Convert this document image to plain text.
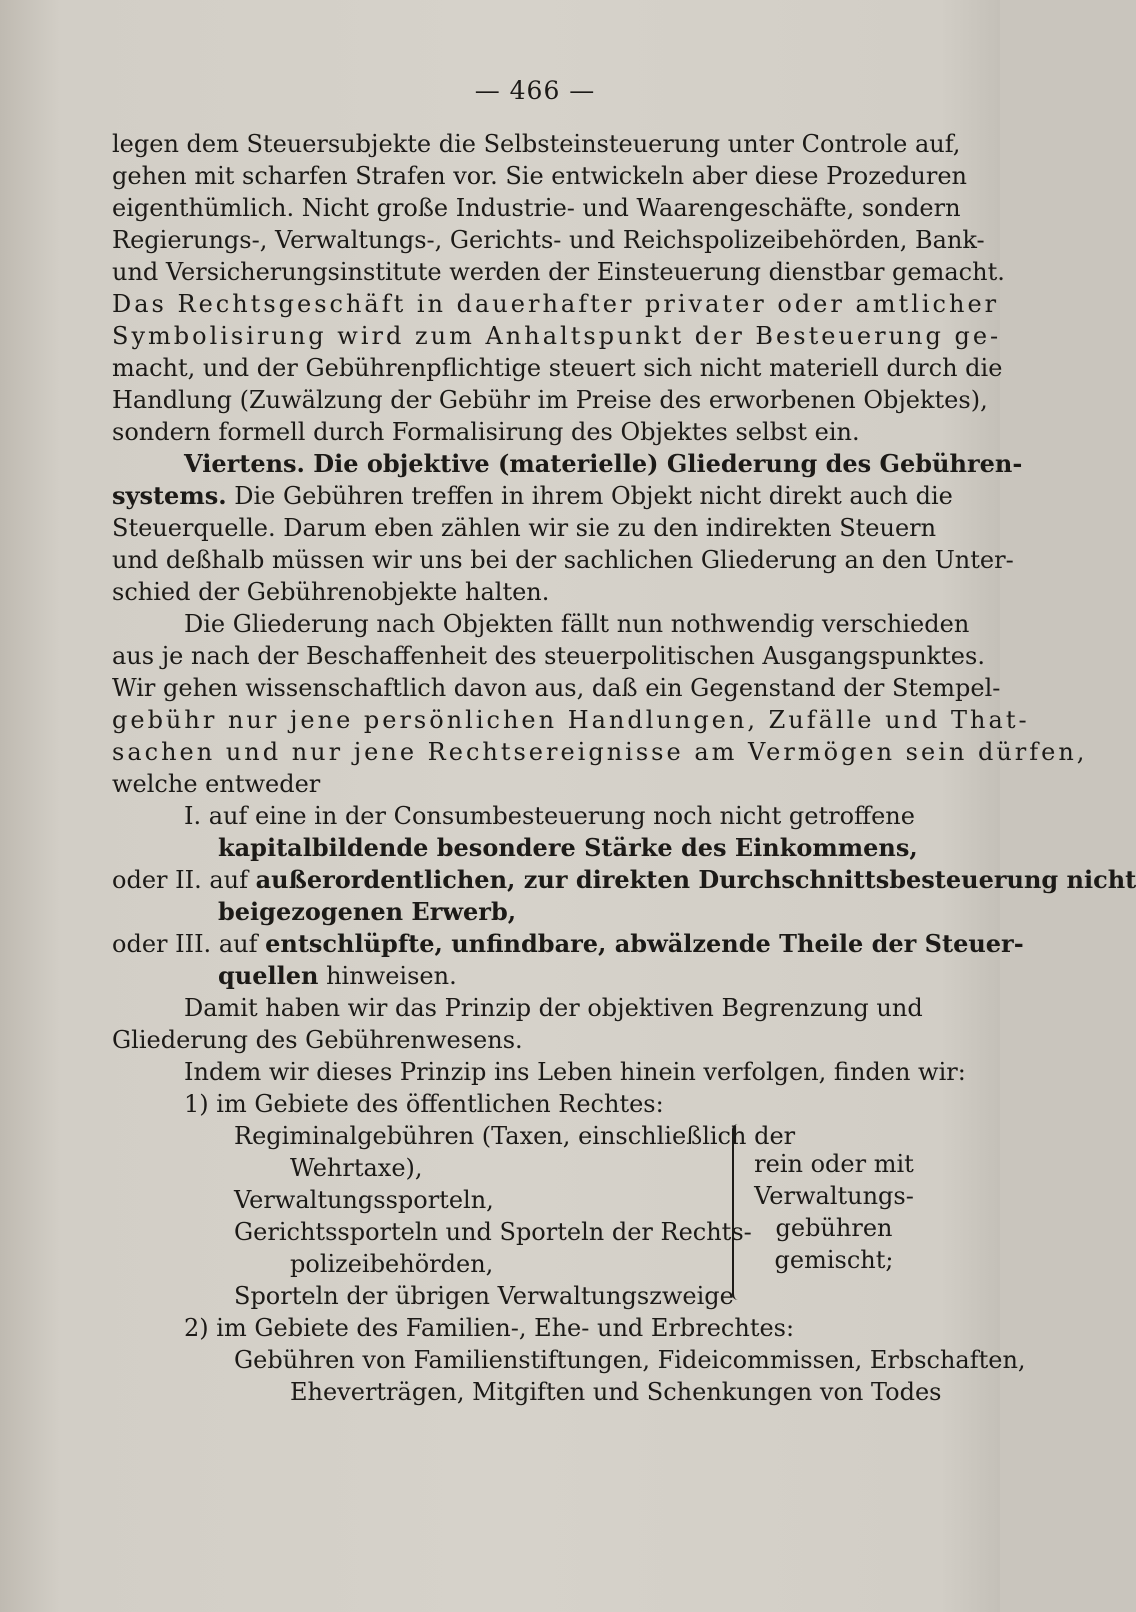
— 466 —
legen dem Steuersubjekte die Selbsteinsteuerung unter Controle auf,
gehen mit scharfen Strafen vor. Sie entwickeln aber diese Prozeduren
eigenthümlich. Nicht große Industrie- und Waarengeschäfte, sondern
Regierungs-, Verwaltungs-, Gerichts- und Reichspolizeibehörden, Bank-
und Versicherungsinstitute werden der Einsteuerung dienstbar gemacht.
Das Rechtsgeschäft in dauerhafter privater oder amtlicher
Symbolisirung wird zum Anhaltspunkt der Besteuerung ge-
macht, und der Gebührenpflichtige steuert sich nicht materiell durch die
Handlung (Zuwälzung der Gebühr im Preise des erworbenen Objektes),
sondern formell durch Formalisirung des Objektes selbst ein.
Viertens. Die objektive (materielle) Gliederung des Gebühren-
systems. Die Gebühren treffen in ihrem Objekt nicht direkt auch die
Steuerquelle. Darum eben zählen wir sie zu den indirekten Steuern
und deßhalb müssen wir uns bei der sachlichen Gliederung an den Unter-
schied der Gebührenobjekte halten.
Die Gliederung nach Objekten fällt nun nothwendig verschieden
aus je nach der Beschaffenheit des steuerpolitischen Ausgangspunktes.
Wir gehen wissenschaftlich davon aus, daß ein Gegenstand der Stempel-
gebühr nur jene persönlichen Handlungen, Zufälle und That-
sachen und nur jene Rechtsereignisse am Vermögen sein dürfen,
welche entweder
I. auf eine in der Consumbesteuerung noch nicht getroffene
kapitalbildende besondere Stärke des Einkommens,
oder II. auf außerordentlichen, zur direkten Durchschnittsbesteuerung nicht
beigezogenen Erwerb,
oder III. auf entschlüpfte, unfindbare, abwälzende Theile der Steuer-
quellen hinweisen.
Damit haben wir das Prinzip der objektiven Begrenzung und
Gliederung des Gebührenwesens.
Indem wir dieses Prinzip ins Leben hinein verfolgen, finden wir:
1) im Gebiete des öffentlichen Rechtes:
Regiminalgebühren (Taxen, einschließlich der
Wehrtaxe),
Verwaltungssporteln,
Gerichtssporteln und Sporteln der Rechts-
polizeibehörden,
Sporteln der übrigen Verwaltungszweige
rein oder mit
Verwaltungs-
gebühren
gemischt;
2) im Gebiete des Familien-, Ehe- und Erbrechtes:
Gebühren von Familienstiftungen, Fideicommissen, Erbschaften,
Eheverträgen, Mitgiften und Schenkungen von Todes
